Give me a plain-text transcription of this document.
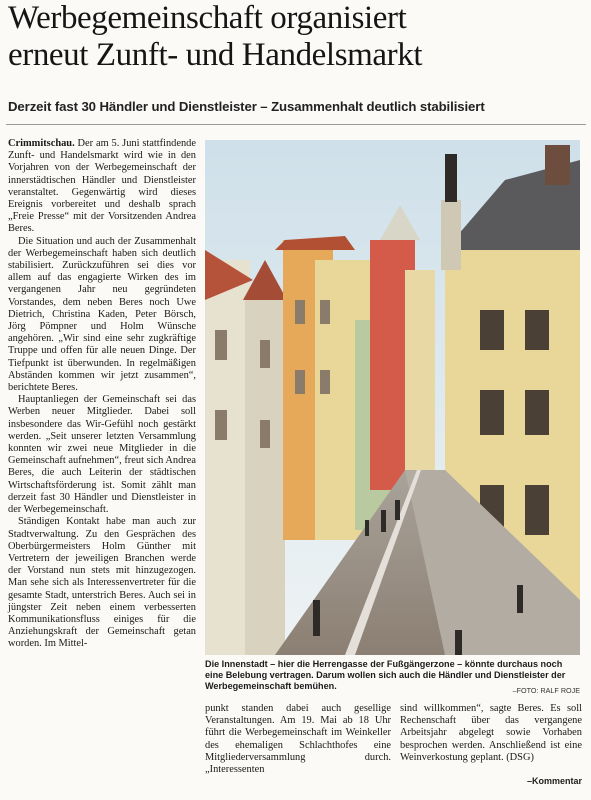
Werbegemeinschaft organisiert
erneut Zunft- und Handelsmarkt
Derzeit fast 30 Händler und Dienstleister – Zusammenhalt deutlich stabilisiert

Crimmitschau. Der am 5. Juni stattfindende Zunft- und Handelsmarkt wird wie in den Vorjahren von der Werbegemeinschaft der innerstädtischen Händler und Dienstleister veranstaltet. Gegenwärtig wird dieses Ereignis vorbereitet und deshalb sprach „Freie Presse“ mit der Vorsitzenden Andrea Beres.

Die Situation und auch der Zusammenhalt der Werbegemeinschaft haben sich deutlich stabilisiert. Zurückzuführen sei dies vor allem auf das engagierte Wirken des im vergangenen Jahr neu gegründeten Vorstandes, dem neben Beres noch Uwe Dietrich, Christina Kaden, Peter Börsch, Jörg Pömpner und Holm Wünsche angehören. „Wir sind eine sehr zugkräftige Truppe und offen für alle neuen Dinge. Der Tiefpunkt ist überwunden. In regelmäßigen Abständen kommen wir jetzt zusammen“, berichtete Beres.

Hauptanliegen der Gemeinschaft sei das Werben neuer Mitglieder. Dabei soll insbesondere das Wir-Gefühl noch gestärkt werden. „Seit unserer letzten Versammlung konnten wir zwei neue Mitglieder in die Gemeinschaft aufnehmen“, freut sich Andrea Beres, die auch Leiterin der städtischen Wirtschaftsförderung ist. Somit zählt man derzeit fast 30 Händler und Dienstleister in der Werbegemeinschaft.

Ständigen Kontakt habe man auch zur Stadtverwaltung. Zu den Gesprächen des Oberbürgermeisters Holm Günther mit Vertretern der jeweiligen Branchen werde der Vorstand nun stets mit hinzugezogen. Man sehe sich als Interessenvertreter für die gesamte Stadt, unterstrich Beres. Auch sei in jüngster Zeit neben einem verbesserten Kommunikationsfluss einiges für die Anziehungskraft der Gemeinschaft getan worden. Im Mittel-

Die Innenstadt – hier die Herrengasse der Fußgängerzone – könnte durchaus noch eine Belebung vertragen. Darum wollen sich auch die Händler und Dienstleister der Werbegemeinschaft bemühen.	–FOTO: RALF ROJE

punkt standen dabei auch gesellige Veranstaltungen. Am 19. Mai ab 18 Uhr führt die Werbegemeinschaft im Weinkeller des ehemaligen Schlachthofes eine Mitgliederversammlung durch. „Interessenten

sind willkommen“, sagte Beres. Es soll Rechenschaft über das vergangene Arbeitsjahr abgelegt sowie Vorhaben besprochen werden. Anschließend ist eine Weinverkostung geplant. (DSG)

–Kommentar
